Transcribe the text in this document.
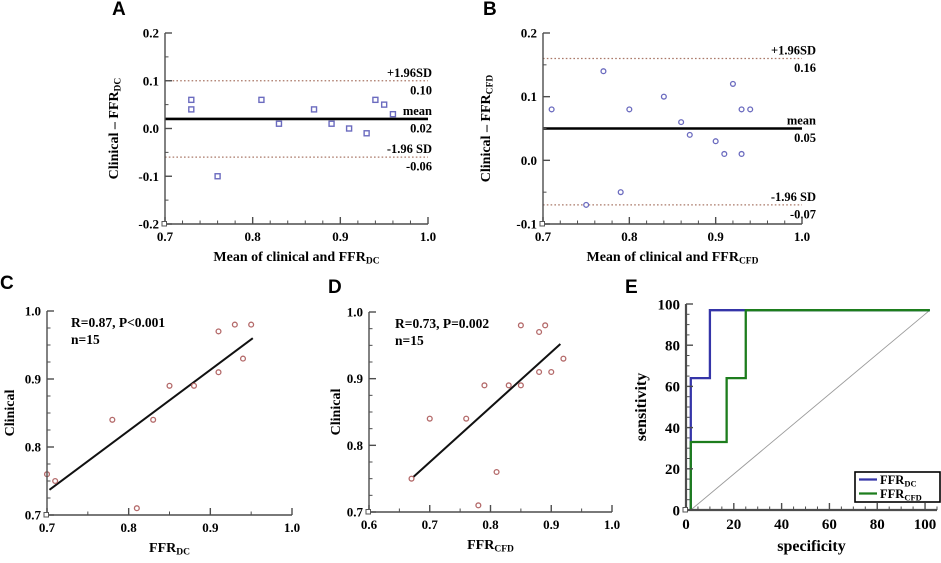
A	B
C	D	E
+1.96SD
0.10
mean
0.02
-1.96 SD
-0.06
0.7	0.8	0.9	1.0
-0.2
-0.1
0.0
0.1
0.2
Mean of clinical and FFRDC
Clinical – FFRDC
+1.96SD
0.16
mean
0.05
-1.96 SD
-0.07
0.7	0.8	0.9	1.0
-0.1
0.0
0.1
0.2
Mean of clinical and FFRCFD
Clinical – FFRCFD
0.7	0.8	0.9	1.0
0.7
0.8
0.9
1.0
R=0.87, P<0.001
n=15
FFRDC
Clinical
0.6	0.7	0.8	0.9	1.0
0.7
0.8
0.9
1.0
R=0.73, P=0.002
n=15
FFRCFD
Clinical
0 20 40 60 80 100
0
20
40
60
80
100
specificity
sensitivity
$FFR_{DC}$
$FFR_{CFD}$
